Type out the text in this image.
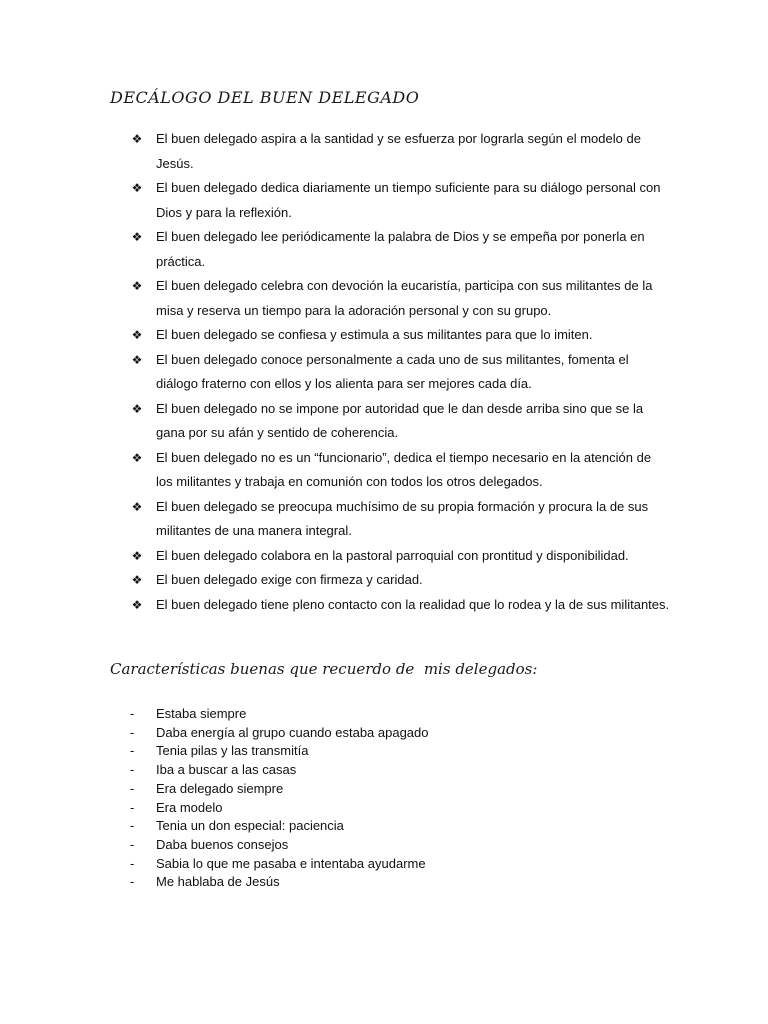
DECÁLOGO DEL BUEN DELEGADO
❖ El buen delegado aspira a la santidad y se esfuerza por lograrla según el modelo de Jesús.
❖ El buen delegado dedica diariamente un tiempo suficiente para su diálogo personal con Dios y para la reflexión.
❖ El buen delegado lee periódicamente la palabra de Dios y se empeña por ponerla en práctica.
❖ El buen delegado celebra con devoción la eucaristía, participa con sus militantes de la misa y reserva un tiempo para la adoración personal y con su grupo.
❖ El buen delegado se confiesa y estimula a sus militantes para que lo imiten.
❖ El buen delegado conoce personalmente a cada uno de sus militantes, fomenta el diálogo fraterno con ellos y los alienta para ser mejores cada día.
❖ El buen delegado no se impone por autoridad que le dan desde arriba sino que se la gana por su afán y sentido de coherencia.
❖ El buen delegado no es un “funcionario”, dedica el tiempo necesario en la atención de los militantes y trabaja en comunión con todos los otros delegados.
❖ El buen delegado se preocupa muchísimo de su propia formación y procura la de sus militantes de una manera integral.
❖ El buen delegado colabora en la pastoral parroquial con prontitud y disponibilidad.
❖ El buen delegado exige con firmeza y caridad.
❖ El buen delegado tiene pleno contacto con la realidad que lo rodea y la de sus militantes.
Características buenas que recuerdo de  mis delegados:
- Estaba siempre
- Daba energía al grupo cuando estaba apagado
- Tenia pilas y las transmitía
- Iba a buscar a las casas
- Era delegado siempre
- Era modelo
- Tenia un don especial: paciencia
- Daba buenos consejos
- Sabia lo que me pasaba e intentaba ayudarme
- Me hablaba de Jesús
